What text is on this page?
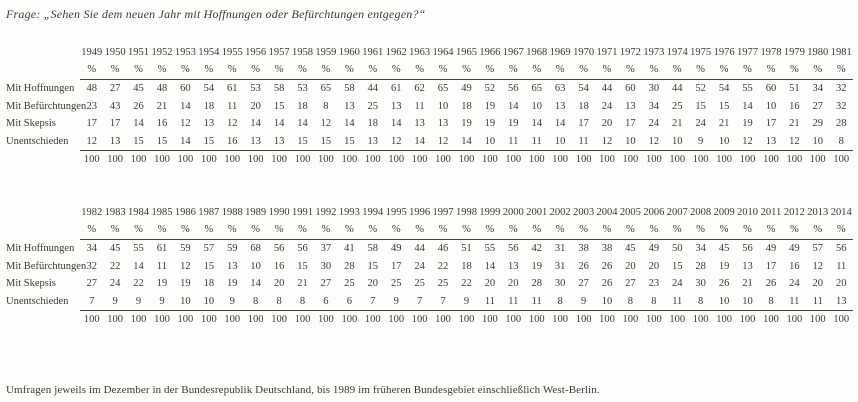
Frage: „Sehen Sie dem neuen Jahr mit Hoffnungen oder Befürchtungen entgegen?“
	1949	1950	1951	1952	1953	1954	1955	1956	1957	1958	1959	1960	1961	1962	1963	1964	1965	1966	1967	1968	1969	1970	1971	1972	1973	1974	1975	1976	1977	1978	1979	1980	1981
	%	%	%	%	%	%	%	%	%	%	%	%	%	%	%	%	%	%	%	%	%	%	%	%	%	%	%	%	%	%	%	%	%
Mit Hoffnungen	48	27	45	48	60	54	61	53	58	53	65	58	44	61	62	65	49	52	56	65	63	54	44	60	30	44	52	54	55	60	51	34	32
Mit Befürchtungen	23	43	26	21	14	18	11	20	15	18	8	13	25	13	11	10	18	19	14	10	13	18	24	13	34	25	15	15	14	10	16	27	32
Mit Skepsis	17	17	14	16	12	13	12	14	14	14	12	14	18	14	13	13	19	19	19	14	14	17	20	17	24	21	24	21	19	17	21	29	28
Unentschieden	12	13	15	15	14	15	16	13	13	15	15	15	13	12	14	12	14	10	11	11	10	11	12	10	12	10	9	10	12	13	12	10	8
	100	100	100	100	100	100	100	100	100	100	100	100	100	100	100	100	100	100	100	100	100	100	100	100	100	100	100	100	100	100	100	100	100
	1982	1983	1984	1985	1986	1987	1988	1989	1990	1991	1992	1993	1994	1995	1996	1997	1998	1999	2000	2001	2002	2003	2004	2005	2006	2007	2008	2009	2010	2011	2012	2013	2014
	%	%	%	%	%	%	%	%	%	%	%	%	%	%	%	%	%	%	%	%	%	%	%	%	%	%	%	%	%	%	%	%	%
Mit Hoffnungen	34	45	55	61	59	57	59	68	56	56	37	41	58	49	44	46	51	55	56	42	31	38	38	45	49	50	34	45	56	49	49	57	56
Mit Befürchtungen	32	22	14	11	12	15	13	10	16	15	30	28	15	17	24	22	18	14	13	19	31	26	26	20	20	15	28	19	13	17	16	12	11
Mit Skepsis	27	24	22	19	19	18	19	14	20	21	27	25	20	25	25	25	22	20	20	28	30	27	26	27	23	24	30	26	21	26	24	20	20
Unentschieden	7	9	9	9	10	10	9	8	8	8	6	6	7	9	7	7	9	11	11	11	8	9	10	8	8	11	8	10	10	8	11	11	13
	100	100	100	100	100	100	100	100	100	100	100	100	100	100	100	100	100	100	100	100	100	100	100	100	100	100	100	100	100	100	100	100	100
Umfragen jeweils im Dezember in der Bundesrepublik Deutschland, bis 1989 im früheren Bundesgebiet einschließlich West-Berlin.
